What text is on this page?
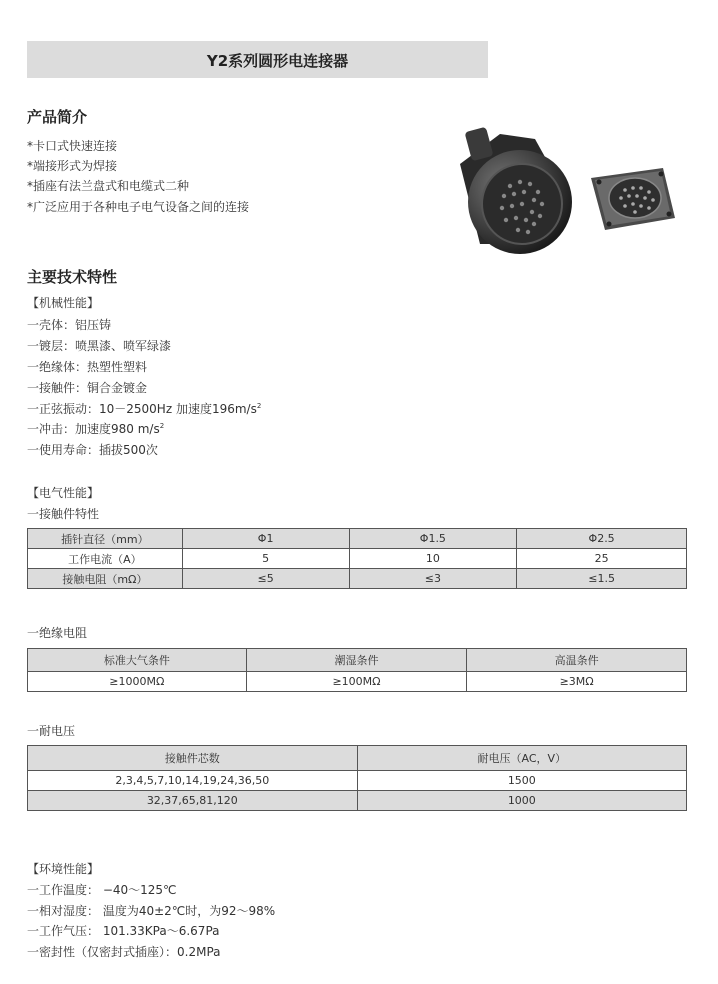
Y2系列圆形电连接器
产品简介
*卡口式快速连接
*端接形式为焊接
*插座有法兰盘式和电缆式二种
*广泛应用于各种电子电气设备之间的连接
主要技术特性
【机械性能】
一壳体：铝压铸
一镀层：喷黑漆、喷军绿漆
一绝缘体：热塑性塑料
一接触件：铜合金镀金
一正弦振动：10－2500Hz 加速度$196m/s^2$
一冲击：加速度980 $m/s^2$
一使用寿命：插拔500次
【电气性能】
一接触件特性
插针直径（mm）	Φ1	Φ1.5	Φ2.5
工作电流（A）	5	10	25
接触电阻（mΩ）	≤5	≤3	≤1.5
一绝缘电阻
标准大气条件	潮湿条件	高温条件
≥1000MΩ	≥100MΩ	≥3MΩ
一耐电压
接触件芯数	耐电压（AC，V）
2,3,4,5,7,10,14,19,24,36,50	1500
32,37,65,81,120	1000
【环境性能】
一工作温度： −40～125℃
一相对湿度： 温度为40±2℃时，为92～98%
一工作气压： 101.33KPa～6.67Pa
一密封性（仅密封式插座）：0.2MPa
